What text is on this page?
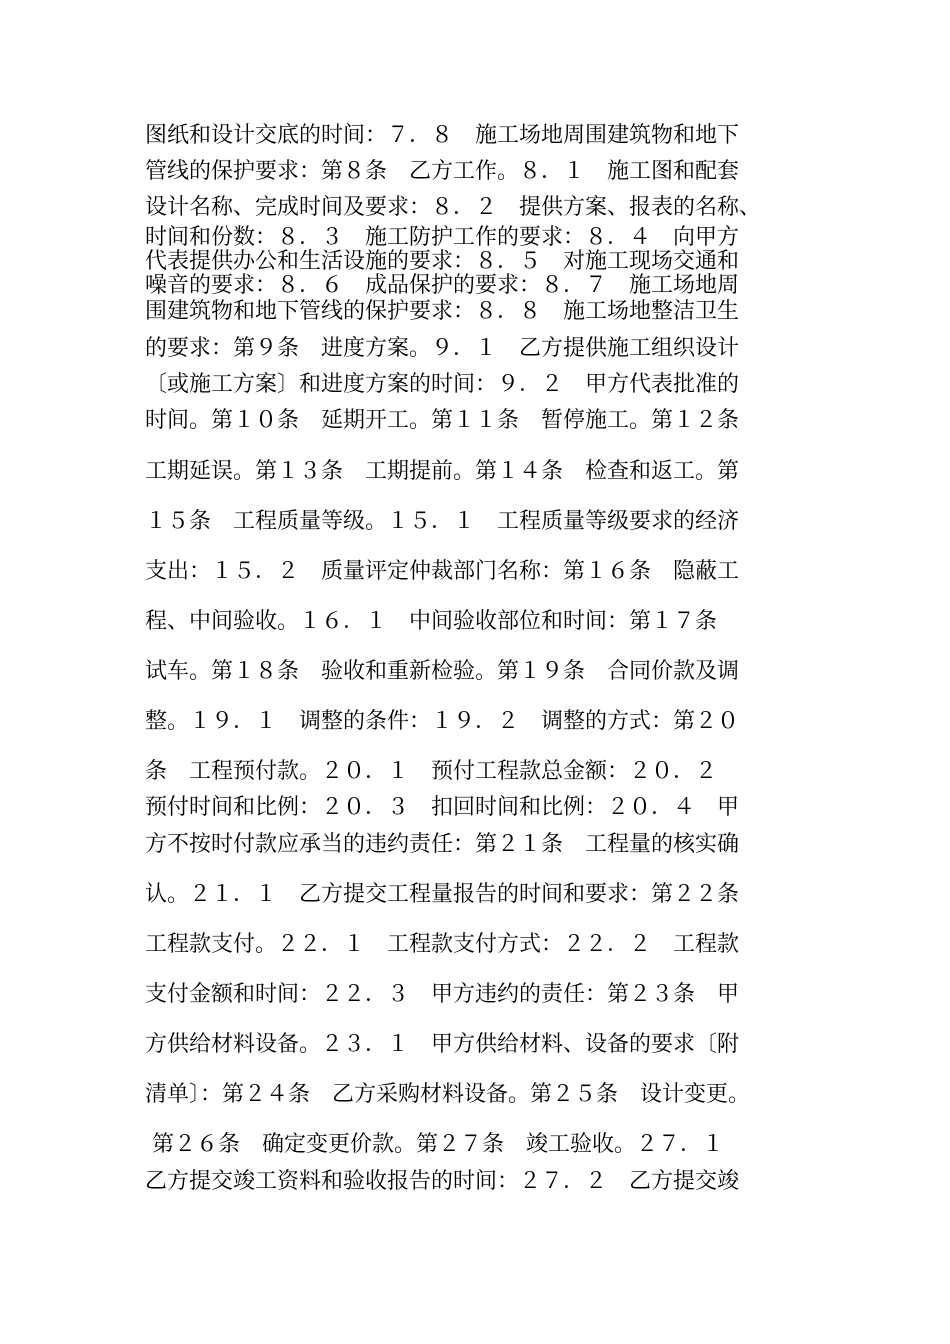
图纸和设计交底的时间：７．８　施工场地周围建筑物和地下
管线的保护要求：第８条　乙方工作。８．１　施工图和配套
设计名称、完成时间及要求：８．２　提供方案、报表的名称、
时间和份数：８．３　施工防护工作的要求：８．４　向甲方
代表提供办公和生活设施的要求：８．５　对施工现场交通和
噪音的要求：８．６　成品保护的要求：８．７　施工场地周
围建筑物和地下管线的保护要求：８．８　施工场地整洁卫生
的要求：第９条　进度方案。９．１　乙方提供施工组织设计
〔或施工方案〕和进度方案的时间：９．２　甲方代表批准的
时间。第１０条　延期开工。第１１条　暂停施工。第１２条
工期延误。第１３条　工期提前。第１４条　检查和返工。第
１５条　工程质量等级。１５．１　工程质量等级要求的经济
支出：１５．２　质量评定仲裁部门名称：第１６条　隐蔽工
程、中间验收。１６．１　中间验收部位和时间：第１７条
试车。第１８条　验收和重新检验。第１９条　合同价款及调
整。１９．１　调整的条件：１９．２　调整的方式：第２０
条　工程预付款。２０．１　预付工程款总金额：２０．２
预付时间和比例：２０．３　扣回时间和比例：２０．４　甲
方不按时付款应承当的违约责任：第２１条　工程量的核实确
认。２１．１　乙方提交工程量报告的时间和要求：第２２条
工程款支付。２２．１　工程款支付方式：２２．２　工程款
支付金额和时间：２２．３　甲方违约的责任：第２３条　甲
方供给材料设备。２３．１　甲方供给材料、设备的要求〔附
清单〕：第２４条　乙方采购材料设备。第２５条　设计变更。
第２６条　确定变更价款。第２７条　竣工验收。２７．１
乙方提交竣工资料和验收报告的时间：２７．２　乙方提交竣
